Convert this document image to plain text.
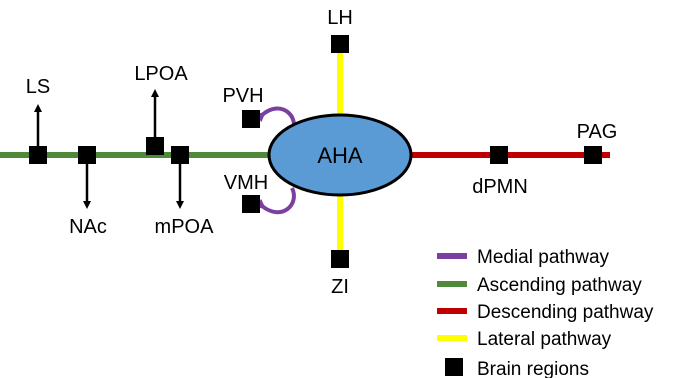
AHA
LS
NAc
LPOA
mPOA
PVH
VMH
LH
ZI
dPMN
PAG
Medial pathway
Ascending pathway
Descending pathway
Lateral pathway
Brain regions
